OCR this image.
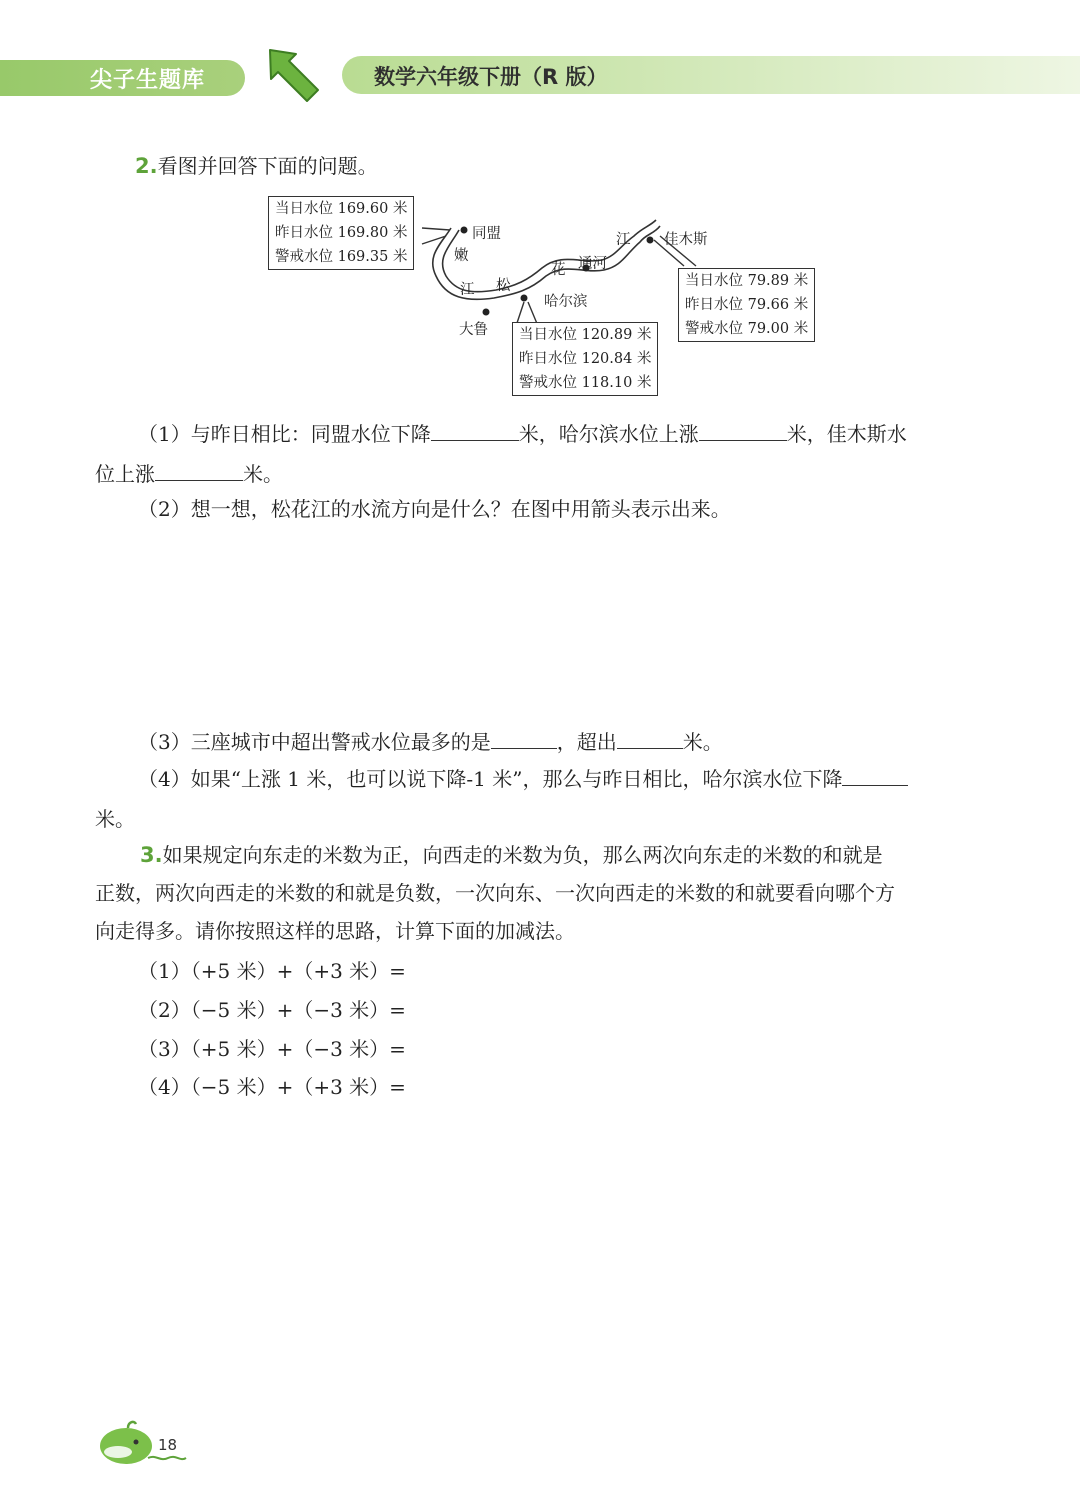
尖子生题库	数学六年级下册（R 版）
2.看图并回答下面的问题。
当日水位 169.60 米
昨日水位 169.80 米
警戒水位 169.35 米
当日水位 120.89 米
昨日水位 120.84 米
警戒水位 118.10 米
当日水位 79.89 米
昨日水位 79.66 米
警戒水位 79.00 米
同盟
嫩
江 松
花 通河
江 佳木斯
哈尔滨
大鲁
（1）与昨日相比：同盟水位下降	米，哈尔滨水位上涨	米，佳木斯水
位上涨	米。
（2）想一想，松花江的水流方向是什么？在图中用箭头表示出来。
（3）三座城市中超出警戒水位最多的是	，超出	米。
（4）如果“上涨 1 米，也可以说下降-1 米”，那么与昨日相比，哈尔滨水位下降
米。
3.如果规定向东走的米数为正，向西走的米数为负，那么两次向东走的米数的和就是
正数，两次向西走的米数的和就是负数，一次向东、一次向西走的米数的和就要看向哪个方
向走得多。请你按照这样的思路，计算下面的加减法。
（1）（+5 米）+（+3 米）=
（2）（−5 米）+（−3 米）=
（3）（+5 米）+（−3 米）=
（4）（−5 米）+（+3 米）=
18
